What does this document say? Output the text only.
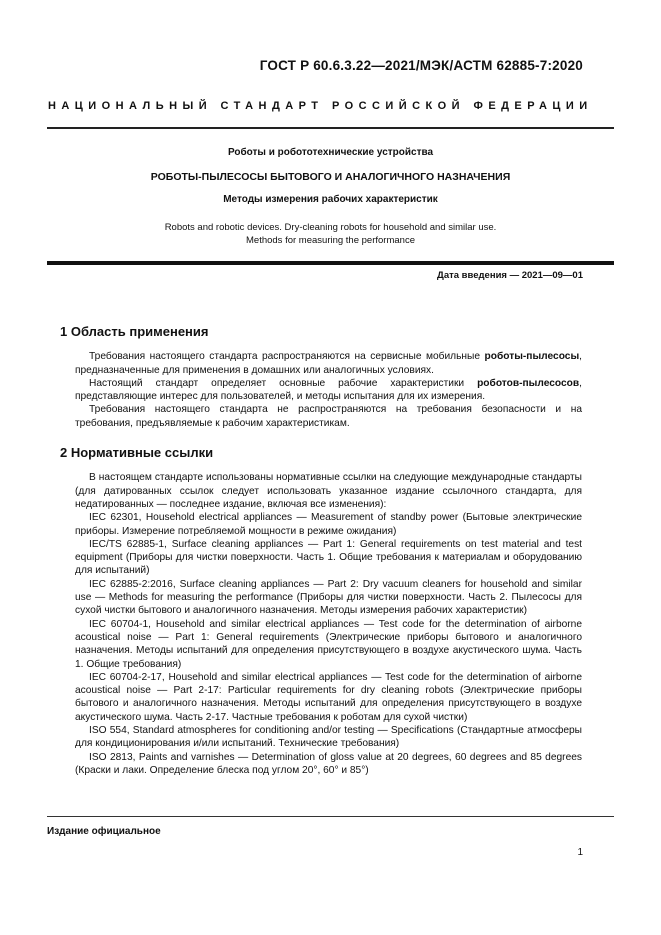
ГОСТ Р 60.6.3.22—2021/МЭК/АСТМ 62885-7:2020
НАЦИОНАЛЬНЫЙ СТАНДАРТ РОССИЙСКОЙ ФЕДЕРАЦИИ
Роботы и робототехнические устройства
РОБОТЫ-ПЫЛЕСОСЫ БЫТОВОГО И АНАЛОГИЧНОГО НАЗНАЧЕНИЯ
Методы измерения рабочих характеристик
Robots and robotic devices. Dry-cleaning robots for household and similar use.
Methods for measuring the performance
Дата введения — 2021—09—01
1 Область применения

Требования настоящего стандарта распространяются на сервисные мобильные роботы-пылесосы, предназначенные для применения в домашних или аналогичных условиях.

Настоящий стандарт определяет основные рабочие характеристики роботов-пылесосов, представляющие интерес для пользователей, и методы испытания для их измерения.

Требования настоящего стандарта не распространяются на требования безопасности и на требования, предъявляемые к рабочим характеристикам.

2 Нормативные ссылки

В настоящем стандарте использованы нормативные ссылки на следующие международные стандарты (для датированных ссылок следует использовать указанное издание ссылочного стандарта, для недатированных — последнее издание, включая все изменения):

IEC 62301, Household electrical appliances — Measurement of standby power (Бытовые электрические приборы. Измерение потребляемой мощности в режиме ожидания)

IEC/TS 62885-1, Surface cleaning appliances — Part 1: General requirements on test material and test equipment (Приборы для чистки поверхности. Часть 1. Общие требования к материалам и оборудованию для испытаний)

IEC 62885-2:2016, Surface cleaning appliances — Part 2: Dry vacuum cleaners for household and similar use — Methods for measuring the performance (Приборы для чистки поверхности. Часть 2. Пылесосы для сухой чистки бытового и аналогичного назначения. Методы измерения рабочих характеристик)

IEC 60704-1, Household and similar electrical appliances — Test code for the determination of airborne acoustical noise — Part 1: General requirements (Электрические приборы бытового и аналогичного назначения. Методы испытаний для определения присутствующего в воздухе акустического шума. Часть 1. Общие требования)

IEC 60704-2-17, Household and similar electrical appliances — Test code for the determination of airborne acoustical noise — Part 2-17: Particular requirements for dry cleaning robots (Электрические приборы бытового и аналогичного назначения. Методы испытаний для определения присутствующего в воздухе акустического шума. Часть 2-17. Частные требования к роботам для сухой чистки)

ISO 554, Standard atmospheres for conditioning and/or testing — Specifications (Стандартные атмосферы для кондиционирования и/или испытаний. Технические требования)

ISO 2813, Paints and varnishes — Determination of gloss value at 20 degrees, 60 degrees and 85 degrees (Краски и лаки. Определение блеска под углом 20°, 60° и 85°)

Издание официальное
1
